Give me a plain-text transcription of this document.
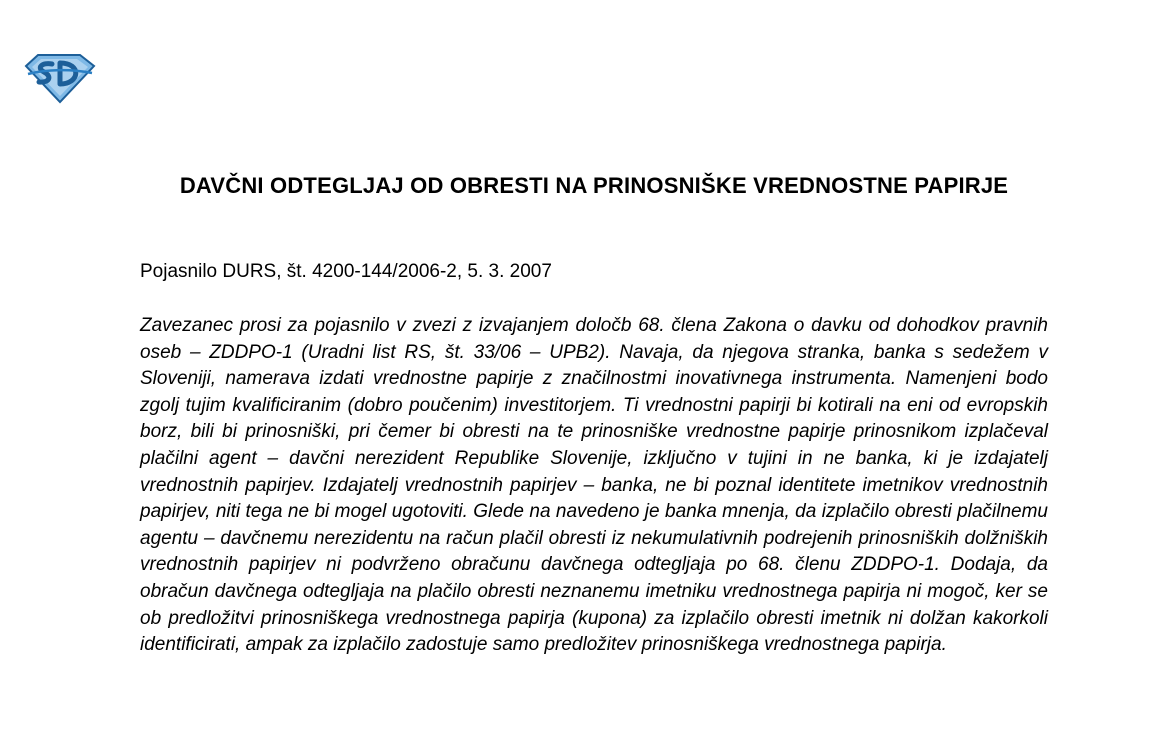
DAVČNI ODTEGLJAJ OD OBRESTI NA PRINOSNIŠKE VREDNOSTNE PAPIRJE
Pojasnilo DURS, št. 4200-144/2006-2, 5. 3. 2007

Zavezanec prosi za pojasnilo v zvezi z izvajanjem določb 68. člena Zakona o davku od dohodkov pravnih oseb – ZDDPO-1 (Uradni list RS, št. 33/06 – UPB2). Navaja, da njegova stranka, banka s sedežem v Sloveniji, namerava izdati vrednostne papirje z značilnostmi inovativnega instrumenta. Namenjeni bodo zgolj tujim kvalificiranim (dobro poučenim) investitorjem. Ti vrednostni papirji bi kotirali na eni od evropskih borz, bili bi prinosniški, pri čemer bi obresti na te prinosniške vrednostne papirje prinosnikom izplačeval plačilni agent – davčni nerezident Republike Slovenije, izključno v tujini in ne banka, ki je izdajatelj vrednostnih papirjev. Izdajatelj vrednostnih papirjev – banka, ne bi poznal identitete imetnikov vrednostnih papirjev, niti tega ne bi mogel ugotoviti. Glede na navedeno je banka mnenja, da izplačilo obresti plačilnemu agentu – davčnemu nerezidentu na račun plačil obresti iz nekumulativnih podrejenih prinosniških dolžniških vrednostnih papirjev ni podvrženo obračunu davčnega odtegljaja po 68. členu ZDDPO-1. Dodaja, da obračun davčnega odtegljaja na plačilo obresti neznanemu imetniku vrednostnega papirja ni mogoč, ker se ob predložitvi prinosniškega vrednostnega papirja (kupona) za izplačilo obresti imetnik ni dolžan kakorkoli identificirati, ampak za izplačilo zadostuje samo predložitev prinosniškega vrednostnega papirja.
